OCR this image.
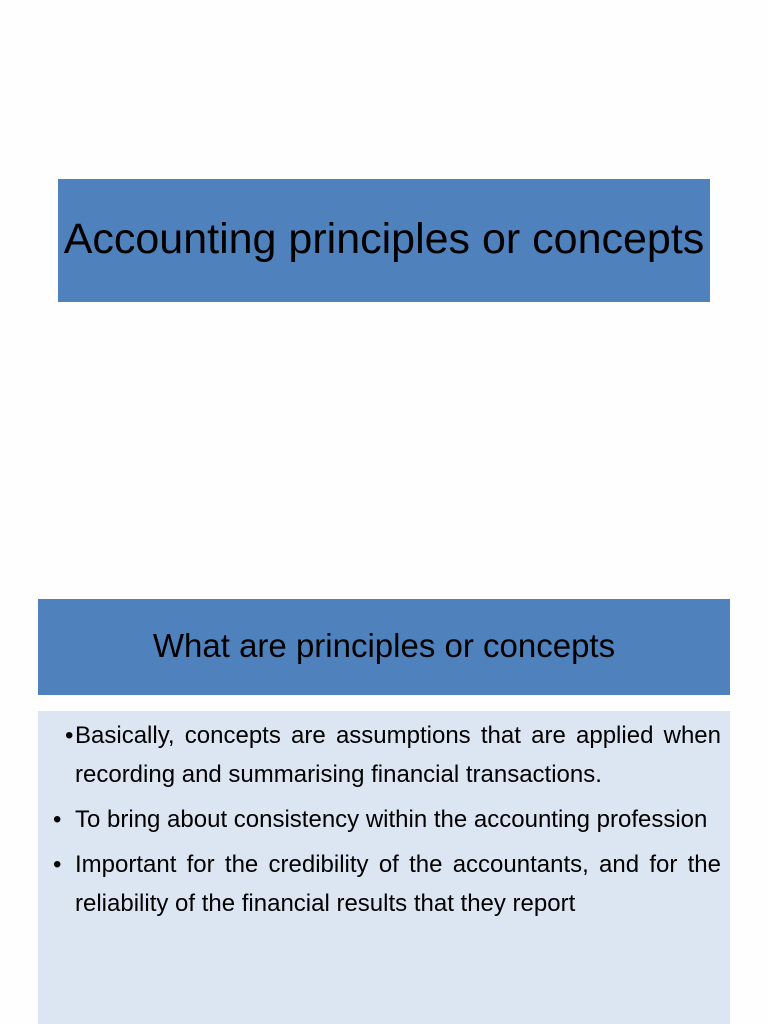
Accounting principles or concepts
What are principles or concepts
• Basically, concepts are assumptions that are applied when recording and summarising financial transactions.
• To bring about consistency within the accounting profession
• Important for the credibility of the accountants, and for the reliability of the financial results that they report
